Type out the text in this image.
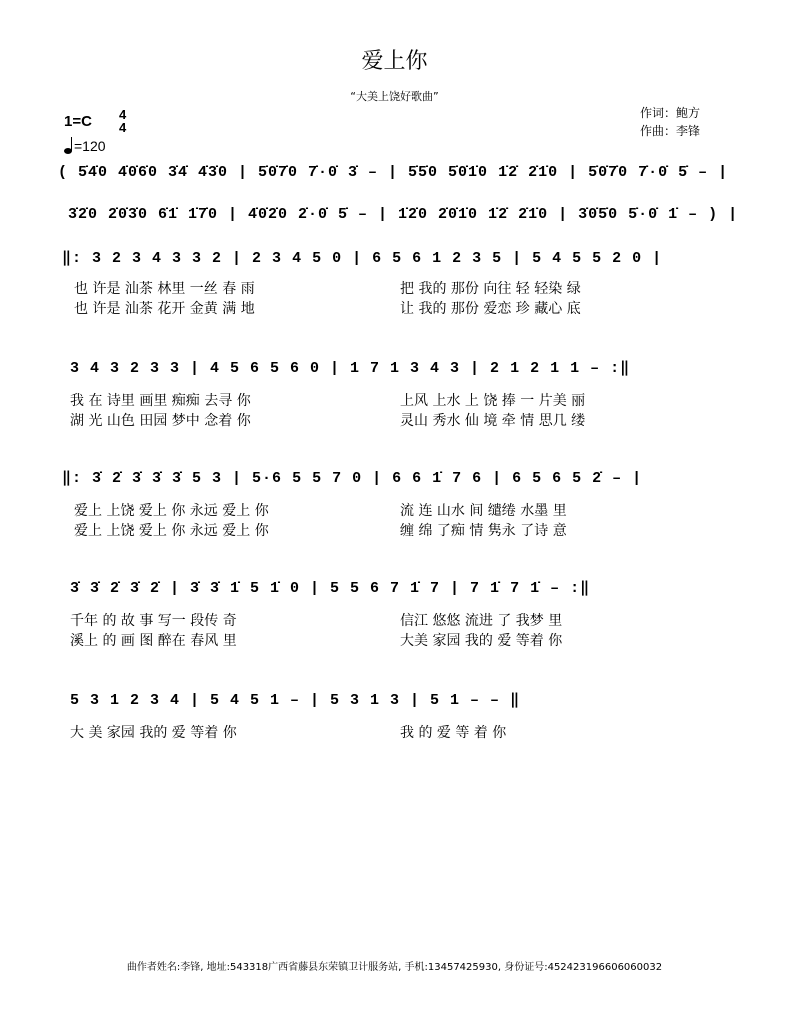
爱上你
“大美上饶好歌曲”
作词：鲍方
作曲：李锋
1=C 4
4
=120
( 5̇4̇0 4̇0̇6̇0 3̇4̇ 4̇3̇0 | 5̇0̇7̇0 7̇·0̇ 3̇ – | 5̇5̇0 5̇0̇1̇0 1̇2̇ 2̇1̇0 | 5̇0̇7̇0 7̇·0̇ 5̇ – |
3̇2̇0 2̇0̇3̇0 6̇1̇ 1̇7̇0 | 4̇0̇2̇0 2̇·0̇ 5̇ – | 1̇2̇0 2̇0̇1̇0 1̇2̇ 2̇1̇0 | 3̇0̇5̇0 5̇·0̇ 1̇ – ) |
‖: 3 2 3 4 3 3 2 | 2 3 4 5 0 | 6 5 6 1 2 3 5 | 5 4 5 5 2 0 |
也 许是 汕茶 林里 一丝 春 雨	把 我的 那份 向往 轻 轻染 绿
也 许是 汕茶 花开 金黄 满 地	让 我的 那份 爱恋 珍 藏心 底
3 4 3 2 3 3 | 4 5 6 5 6 0 | 1 7 1 3 4 3 | 2 1 2 1 1 – :‖
我 在 诗里 画里 痴痴 去寻 你	上风 上水 上 饶 捧 一 片美 丽
湖 光 山色 田园 梦中 念着 你	灵山 秀水 仙 境 牵 情 思几 缕
‖: 3̇ 2̇ 3̇ 3̇ 3̇ 5 3 | 5·6 5 5 7 0 | 6 6 1̇ 7 6 | 6 5 6 5 2̇ – |
爱上 上饶 爱上 你 永远 爱上 你	流 连 山水 间 缱绻 水墨 里
爱上 上饶 爱上 你 永远 爱上 你	缠 绵 了痴 情 隽永 了诗 意
3̇ 3̇ 2̇ 3̇ 2̇ | 3̇ 3̇ 1̇ 5 1̇ 0 | 5 5 6 7 1̇ 7 | 7 1̇ 7 1̇ – :‖
千年 的 故 事 写一 段传 奇	信江 悠悠 流进 了 我梦 里
溪上 的 画 图 醉在 春风 里	大美 家园 我的 爱 等着 你
5 3 1 2 3 4 | 5 4 5 1 – | 5 3 1 3 | 5 1 – – ‖
大 美 家园 我的 爱 等着 你	我 的 爱 等 着 你
曲作者姓名:李锋, 地址:543318广西省藤县东荣镇卫计服务站, 手机:13457425930, 身份证号:452423196606060032
